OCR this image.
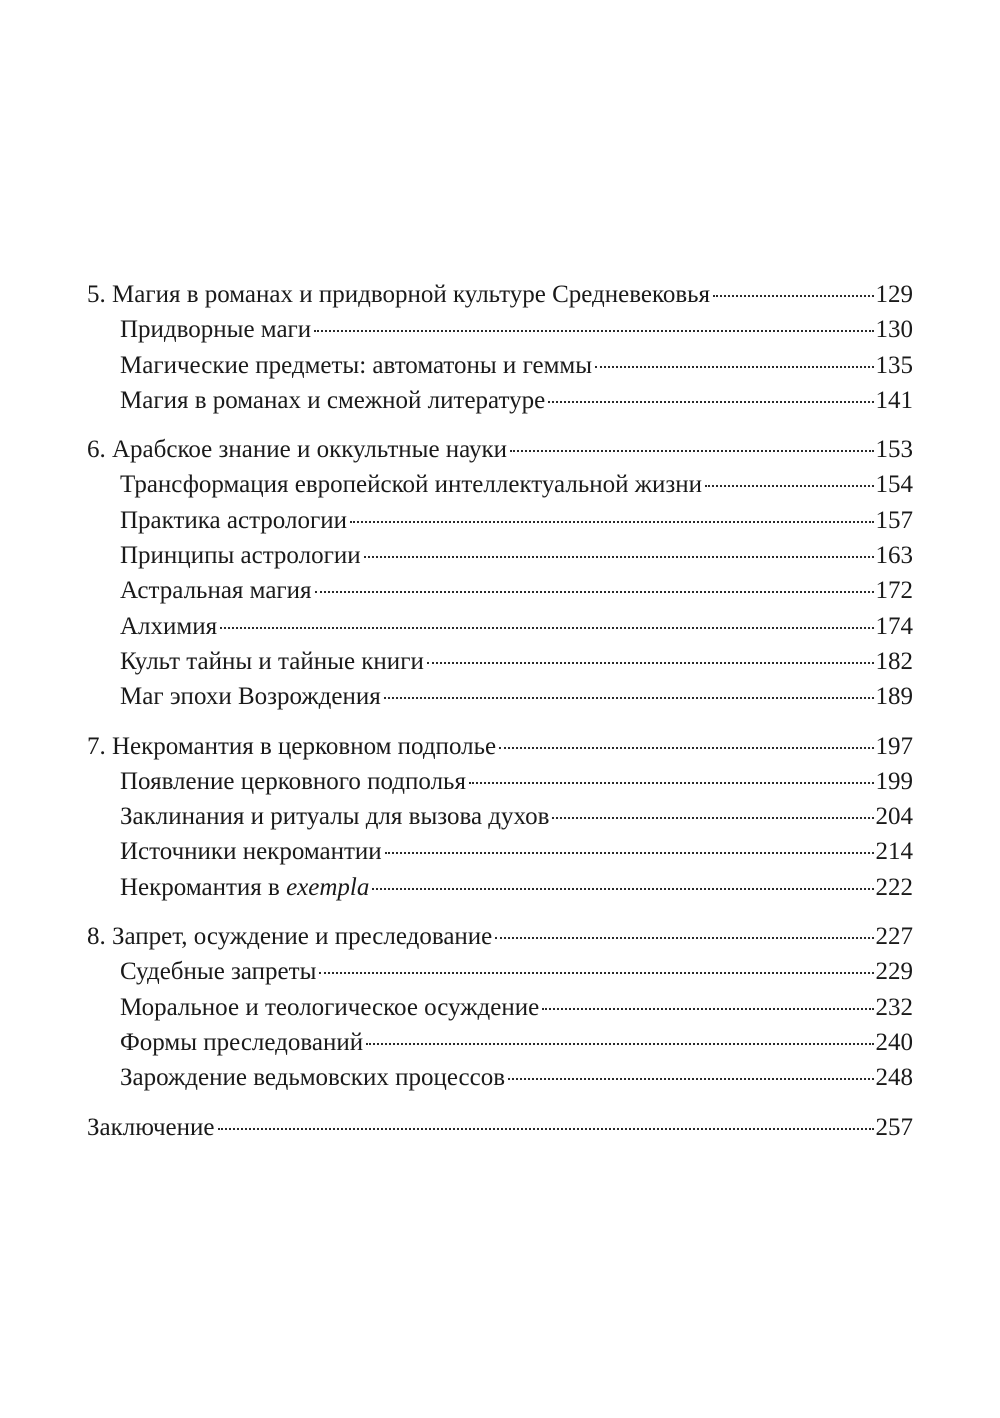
5. Магия в романах и придворной культуре Средневековья	129
Придворные маги	130
Магические предметы: автоматоны и геммы	135
Магия в романах и смежной литературе	141
6. Арабское знание и оккультные науки	153
Трансформация европейской интеллектуальной жизни	154
Практика астрологии	157
Принципы астрологии	163
Астральная магия	172
Алхимия	174
Культ тайны и тайные книги	182
Маг эпохи Возрождения	189
7. Некромантия в церковном подполье	197
Появление церковного подполья	199
Заклинания и ритуалы для вызова духов	204
Источники некромантии	214
Некромантия в exempla	222
8. Запрет, осуждение и преследование	227
Судебные запреты	229
Моральное и теологическое осуждение	232
Формы преследований	240
Зарождение ведьмовских процессов	248
Заключение	257
